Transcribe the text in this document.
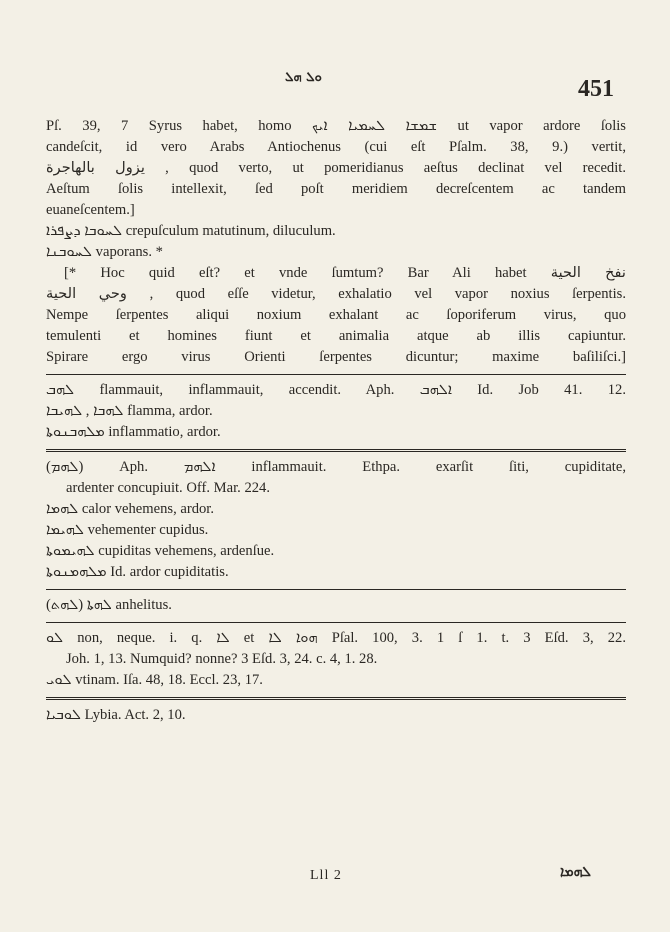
ܘܠ ܗܠ	451
Pſ. 39, 7 Syrus habet, homo ܫܡܫܐ ܠܚܡܝܐ ܐܝܟ ut vapor ardore ſolis
candeſcit, id vero Arabs Antiochenus (cui eſt Pſalm. 38, 9.) vertit,
يزول بالهاجرة , quod verto, ut pomeridianus aeſtus declinat vel recedit.
Aeſtum ſolis intellexit, ſed poſt meridiem decreſcentem ac tandem
euaneſcentem.]
ܠܚܘܒܐ ܕܨܦܪܐ crepuſculum matutinum, diluculum.
ܠܚܘܒܢܐ vaporans. *
[* Hoc quid eſt? et vnde ſumtum? Bar Ali habet نفخ الحية
وحي الحية , quod eſſe videtur, exhalatio vel vapor noxius ſerpentis.
Nempe ſerpentes aliqui noxium exhalant ac ſoporiferum virus, quo
temulenti et homines fiunt et animalia atque ab illis capiuntur.
Spirare ergo virus Orienti ſerpentes dicuntur; maxime baſiliſci.]
ܠܗܒ flammauit, inflammauit, accendit. Aph. ܐܠܗܒ Id. Job 41. 12.
ܠܗܒܐ , ܠܗܝܒܐ flamma, ardor.
ܡܠܗܒܢܘܬܐ inflammatio, ardor.
(ܠܗܡ) Aph. ܐܠܗܡ inflammauit. Ethpa. exarſit ſiti, cupiditate,
ardenter concupiuit. Off. Mar. 224.
ܠܗܡܐ calor vehemens, ardor.
ܠܗܝܡܐ vehementer cupidus.
ܠܗܝܡܘܬܐ cupiditas vehemens, ardenſue.
ܡܠܗܡܢܘܬܐ Id. ardor cupiditatis.
(ܠܗܬ) ܠܗܬܐ anhelitus.
ܠܘ non, neque. i. q. ܠܐ et ܗܘܐ ܠܐ Pſal. 100, 3. 1 ſ 1. t. 3 Eſd. 3, 22.
Joh. 1, 13. Numquid? nonne? 3 Eſd. 3, 24. c. 4, 1. 28.
ܠܘܝ vtinam. Iſa. 48, 18. Eccl. 23, 17.
ܠܘܒܝܐ Lybia. Act. 2, 10.
Lll 2	ܠܗܡܐ
